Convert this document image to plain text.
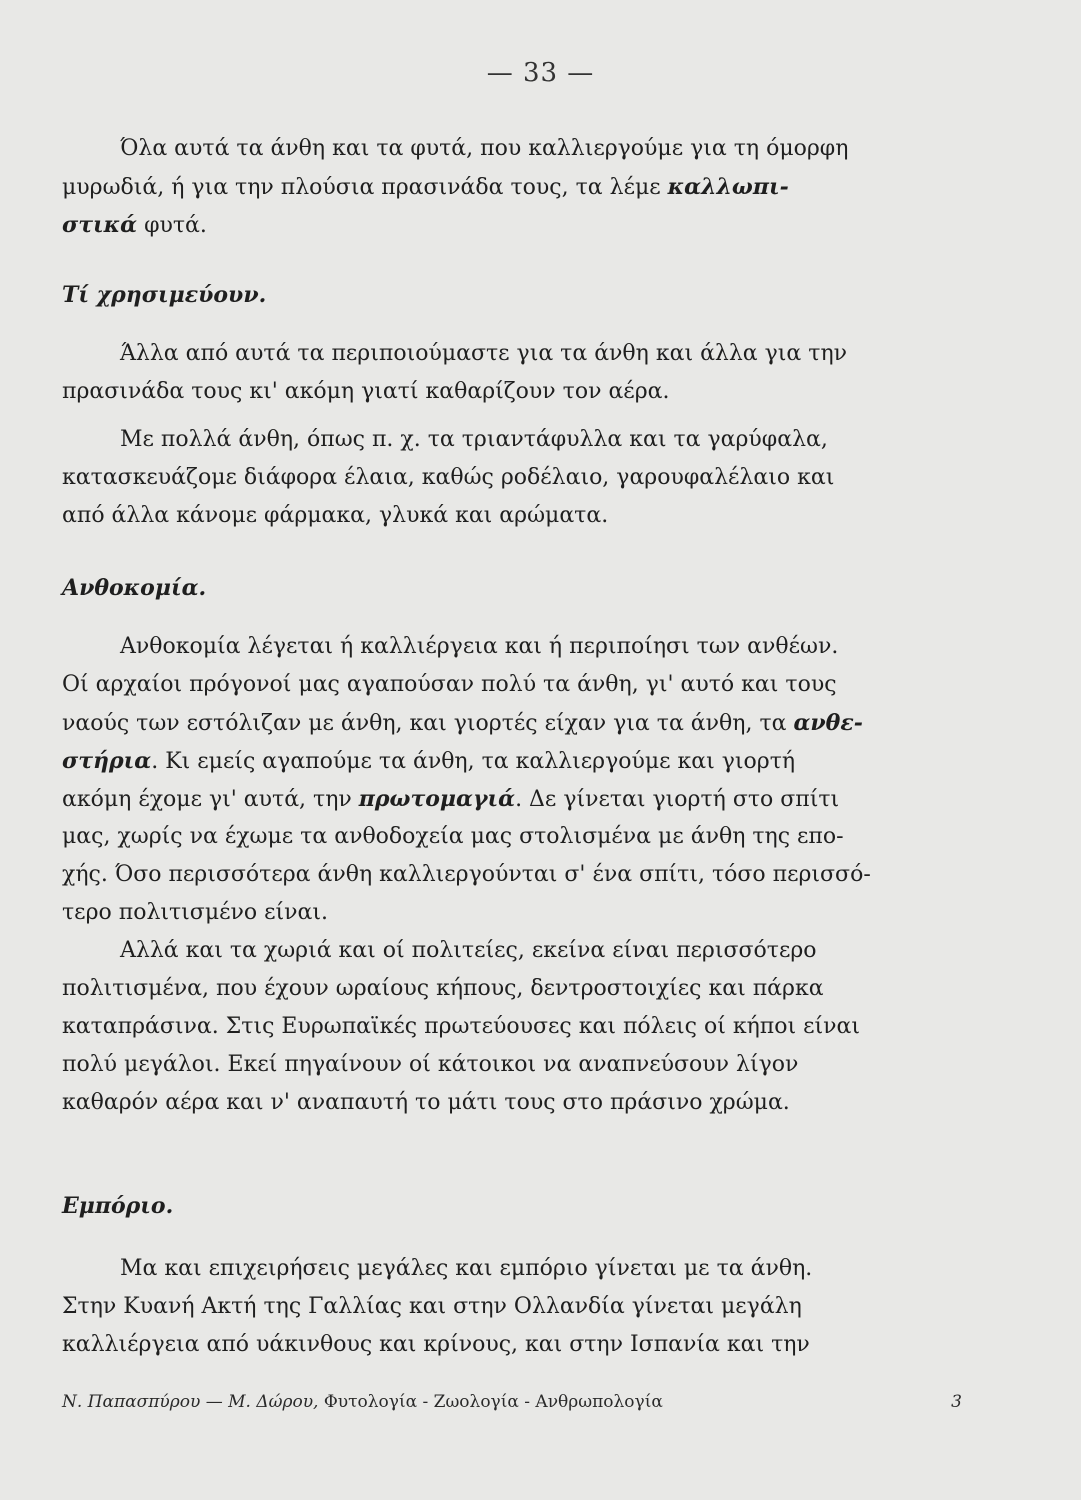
— 33 —
Όλα αυτά τα άνθη και τα φυτά, που καλλιεργούμε για τη όμορφη
μυρωδιά, ή για την πλούσια πρασινάδα τους, τα λέμε καλλωπι-
στικά φυτά.
Τί χρησιμεύουν.
Άλλα από αυτά τα περιποιούμαστε για τα άνθη και άλλα για την
πρασινάδα τους κι' ακόμη γιατί καθαρίζουν τον αέρα.
Με πολλά άνθη, όπως π. χ. τα τριαντάφυλλα και τα γαρύφαλα,
κατασκευάζομε διάφορα έλαια, καθώς ροδέλαιο, γαρουφαλέλαιο και
από άλλα κάνομε φάρμακα, γλυκά και αρώματα.
Ανθοκομία.
Ανθοκομία λέγεται ή καλλιέργεια και ή περιποίησι των ανθέων.
Οί αρχαίοι πρόγονοί μας αγαπούσαν πολύ τα άνθη, γι' αυτό και τους
ναούς των εστόλιζαν με άνθη, και γιορτές είχαν για τα άνθη, τα ανθε-
στήρια. Κι εμείς αγαπούμε τα άνθη, τα καλλιεργούμε και γιορτή
ακόμη έχομε γι' αυτά, την πρωτομαγιά. Δε γίνεται γιορτή στο σπίτι
μας, χωρίς να έχωμε τα ανθοδοχεία μας στολισμένα με άνθη της επο-
χής. Όσο περισσότερα άνθη καλλιεργούνται σ' ένα σπίτι, τόσο περισσό-
τερο πολιτισμένο είναι.
Αλλά και τα χωριά και οί πολιτείες, εκείνα είναι περισσότερο
πολιτισμένα, που έχουν ωραίους κήπους, δεντροστοιχίες και πάρκα
καταπράσινα. Στις Ευρωπαϊκές πρωτεύουσες και πόλεις οί κήποι είναι
πολύ μεγάλοι. Εκεί πηγαίνουν οί κάτοικοι να αναπνεύσουν λίγον
καθαρόν αέρα και ν' αναπαυτή το μάτι τους στο πράσινο χρώμα.
Εμπόριο.
Μα και επιχειρήσεις μεγάλες και εμπόριο γίνεται με τα άνθη.
Στην Κυανή Ακτή της Γαλλίας και στην Ολλανδία γίνεται μεγάλη
καλλιέργεια από υάκινθους και κρίνους, και στην Ισπανία και την
Ν. Παπασπύρου — Μ. Δώρου, Φυτολογία - Ζωολογία - Ανθρωπολογία	3
